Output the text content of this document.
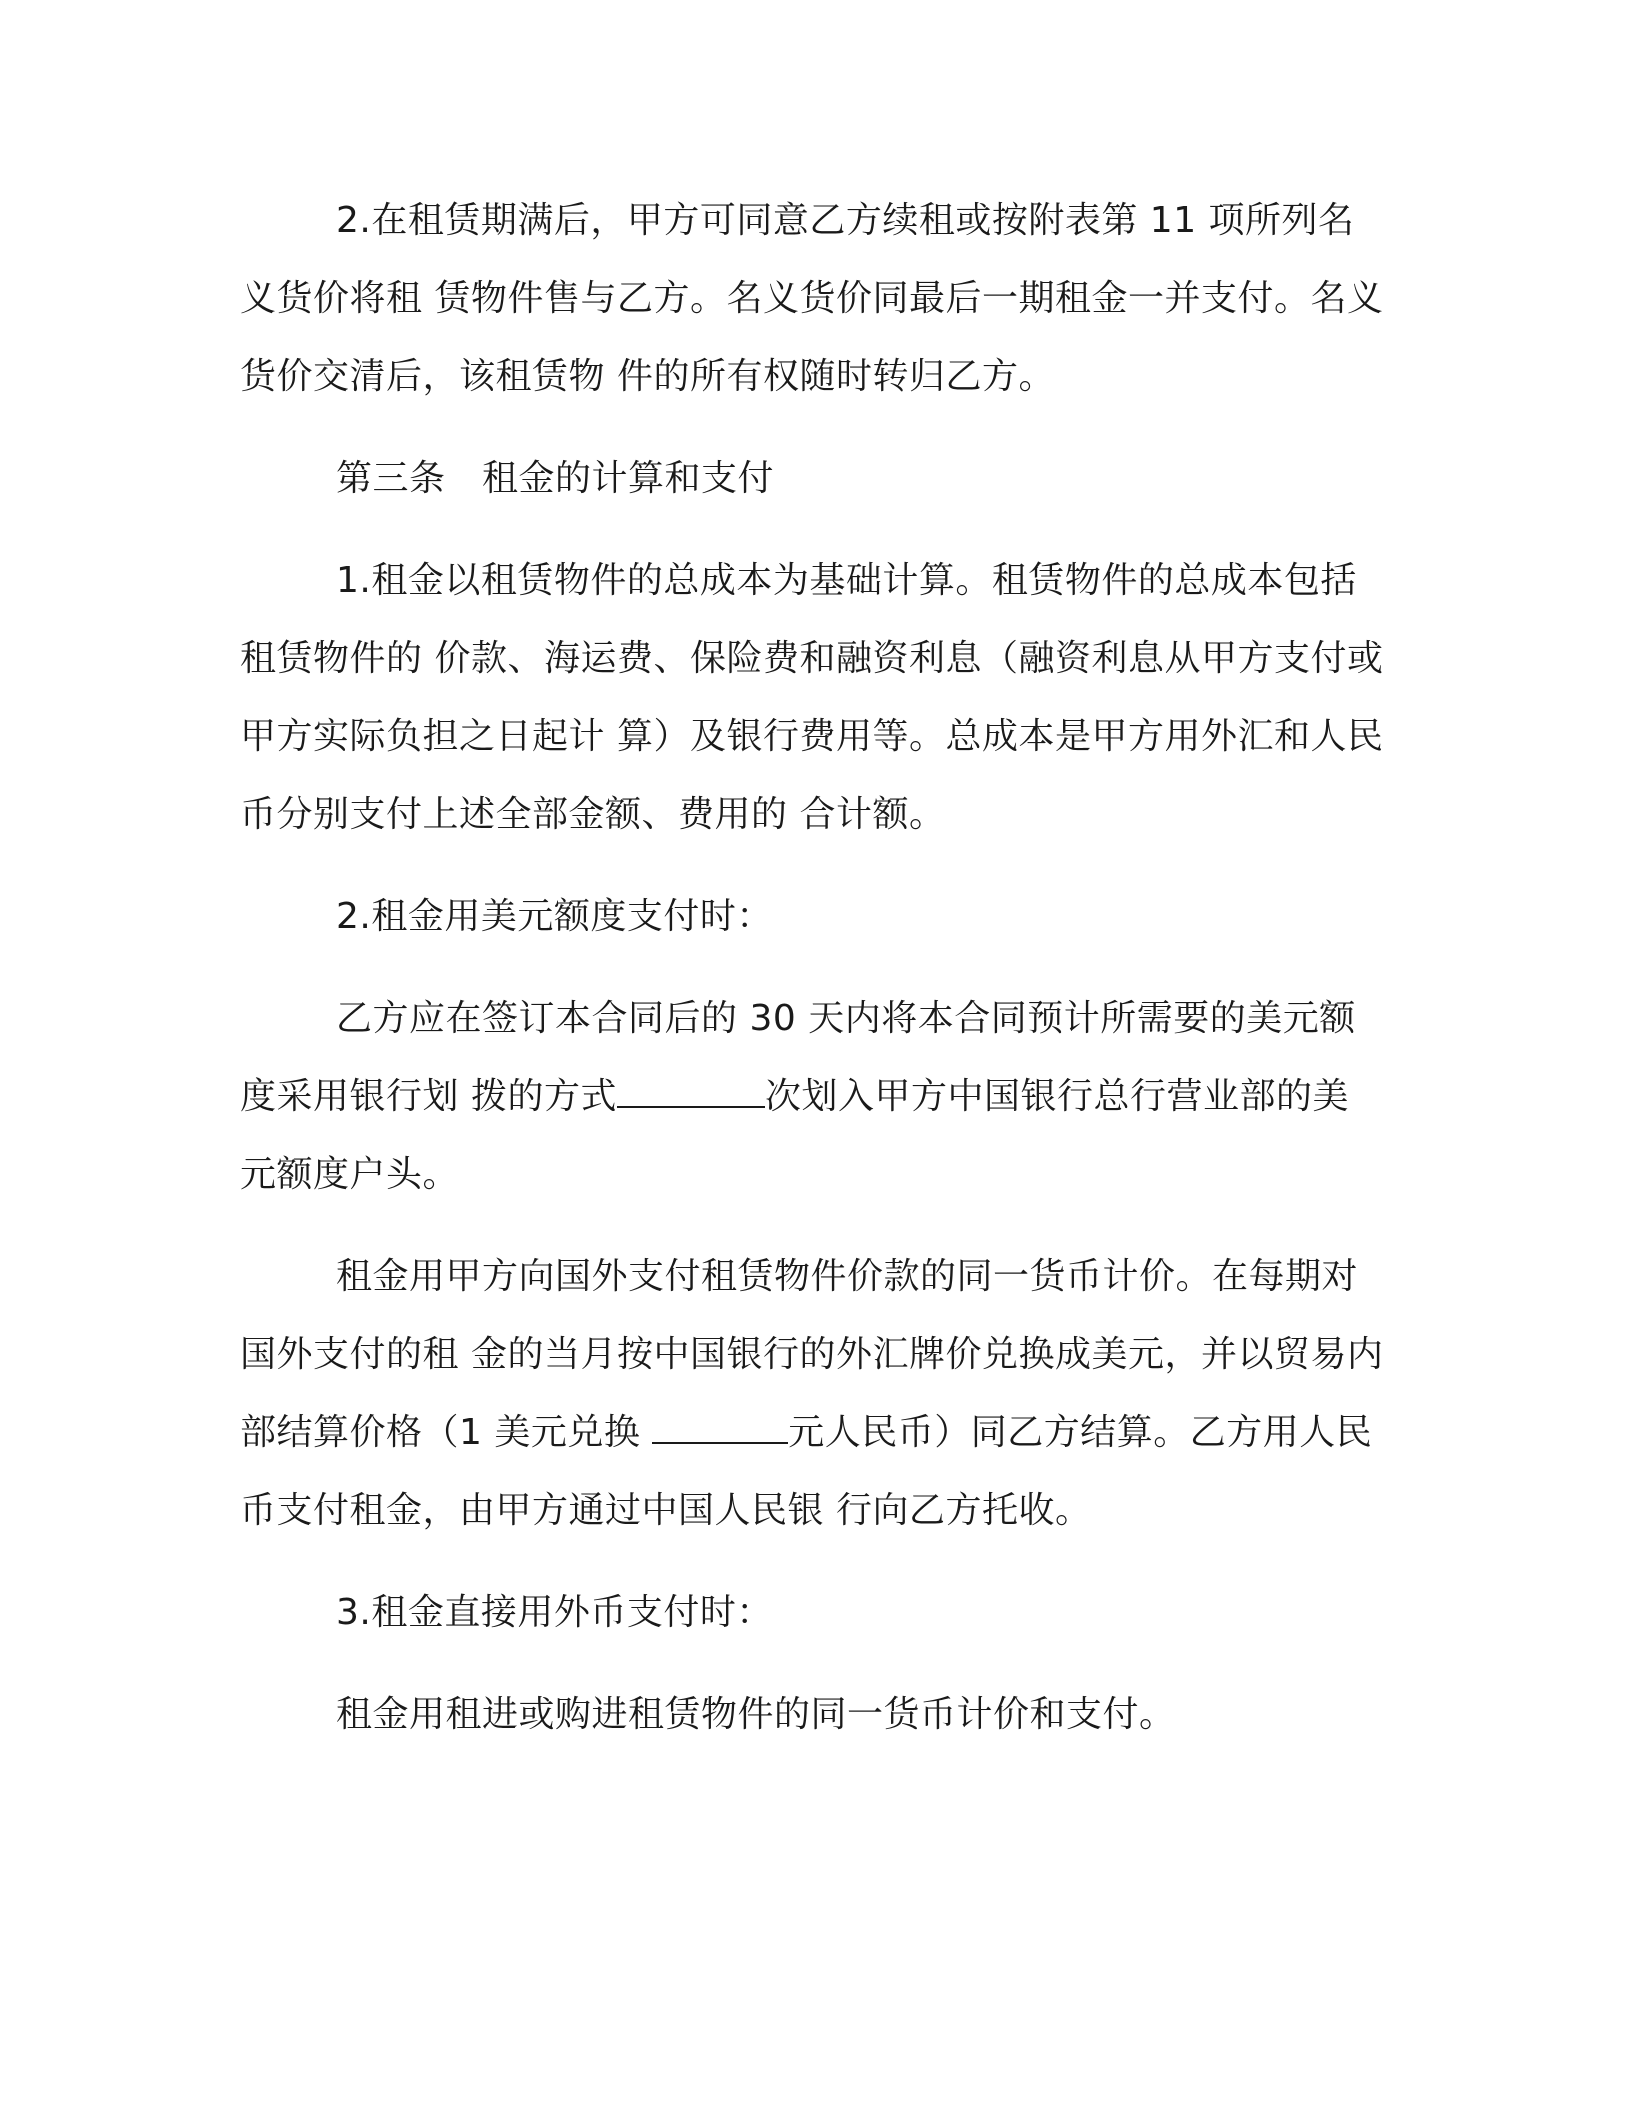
2.在租赁期满后，甲方可同意乙方续租或按附表第 11 项所列名义货价将租 赁物件售与乙方。名义货价同最后一期租金一并支付。名义货价交清后，该租赁物 件的所有权随时转归乙方。

第三条　租金的计算和支付

1.租金以租赁物件的总成本为基础计算。租赁物件的总成本包括租赁物件的 价款、海运费、保险费和融资利息（融资利息从甲方支付或甲方实际负担之日起计 算）及银行费用等。总成本是甲方用外汇和人民币分别支付上述全部金额、费用的 合计额。

2.租金用美元额度支付时：

乙方应在签订本合同后的 30 天内将本合同预计所需要的美元额度采用银行划 拨的方式	次划入甲方中国银行总行营业部的美元额度户头。

租金用甲方向国外支付租赁物件价款的同一货币计价。在每期对国外支付的租 金的当月按中国银行的外汇牌价兑换成美元，并以贸易内部结算价格（1 美元兑换	元人民币）同乙方结算。乙方用人民币支付租金，由甲方通过中国人民银 行向乙方托收。

3.租金直接用外币支付时：

租金用租进或购进租赁物件的同一货币计价和支付。
